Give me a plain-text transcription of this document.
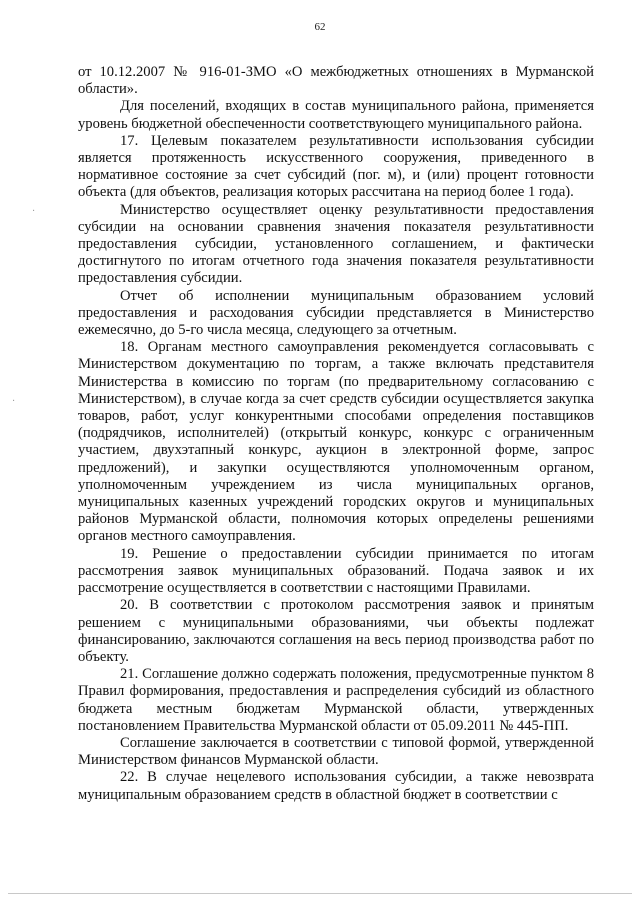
62

от 10.12.2007 № 916-01-ЗМО «О межбюджетных отношениях в Мурманской области».

Для поселений, входящих в состав муниципального района, применяется уровень бюджетной обеспеченности соответствующего муниципального района.

17. Целевым показателем результативности использования субсидии является протяженность искусственного сооружения, приведенного в нормативное состояние за счет субсидий (пог. м), и (или) процент готовности объекта (для объектов, реализация которых рассчитана на период более 1 года).

Министерство осуществляет оценку результативности предоставления субсидии на основании сравнения значения показателя результативности предоставления субсидии, установленного соглашением, и фактически достигнутого по итогам отчетного года значения показателя результативности предоставления субсидии.

Отчет об исполнении муниципальным образованием условий предоставления и расходования субсидии представляется в Министерство ежемесячно, до 5-го числа месяца, следующего за отчетным.

18. Органам местного самоуправления рекомендуется согласовывать с Министерством документацию по торгам, а также включать представителя Министерства в комиссию по торгам (по предварительному согласованию с Министерством), в случае когда за счет средств субсидии осуществляется закупка товаров, работ, услуг конкурентными способами определения поставщиков (подрядчиков, исполнителей) (открытый конкурс, конкурс с ограниченным участием, двухэтапный конкурс, аукцион в электронной форме, запрос предложений), и закупки осуществляются уполномоченным органом, уполномоченным учреждением из числа муниципальных органов, муниципальных казенных учреждений городских округов и муниципальных районов Мурманской области, полномочия которых определены решениями органов местного самоуправления.

19. Решение о предоставлении субсидии принимается по итогам рассмотрения заявок муниципальных образований. Подача заявок и их рассмотрение осуществляется в соответствии с настоящими Правилами.

20. В соответствии с протоколом рассмотрения заявок и принятым решением с муниципальными образованиями, чьи объекты подлежат финансированию, заключаются соглашения на весь период производства работ по объекту.

21. Соглашение должно содержать положения, предусмотренные пунктом 8 Правил формирования, предоставления и распределения субсидий из областного бюджета местным бюджетам Мурманской области, утвержденных постановлением Правительства Мурманской области от 05.09.2011 № 445-ПП.

Соглашение заключается в соответствии с типовой формой, утвержденной Министерством финансов Мурманской области.

22. В случае нецелевого использования субсидии, а также невозврата муниципальным образованием средств в областной бюджет в соответствии с

·
·
